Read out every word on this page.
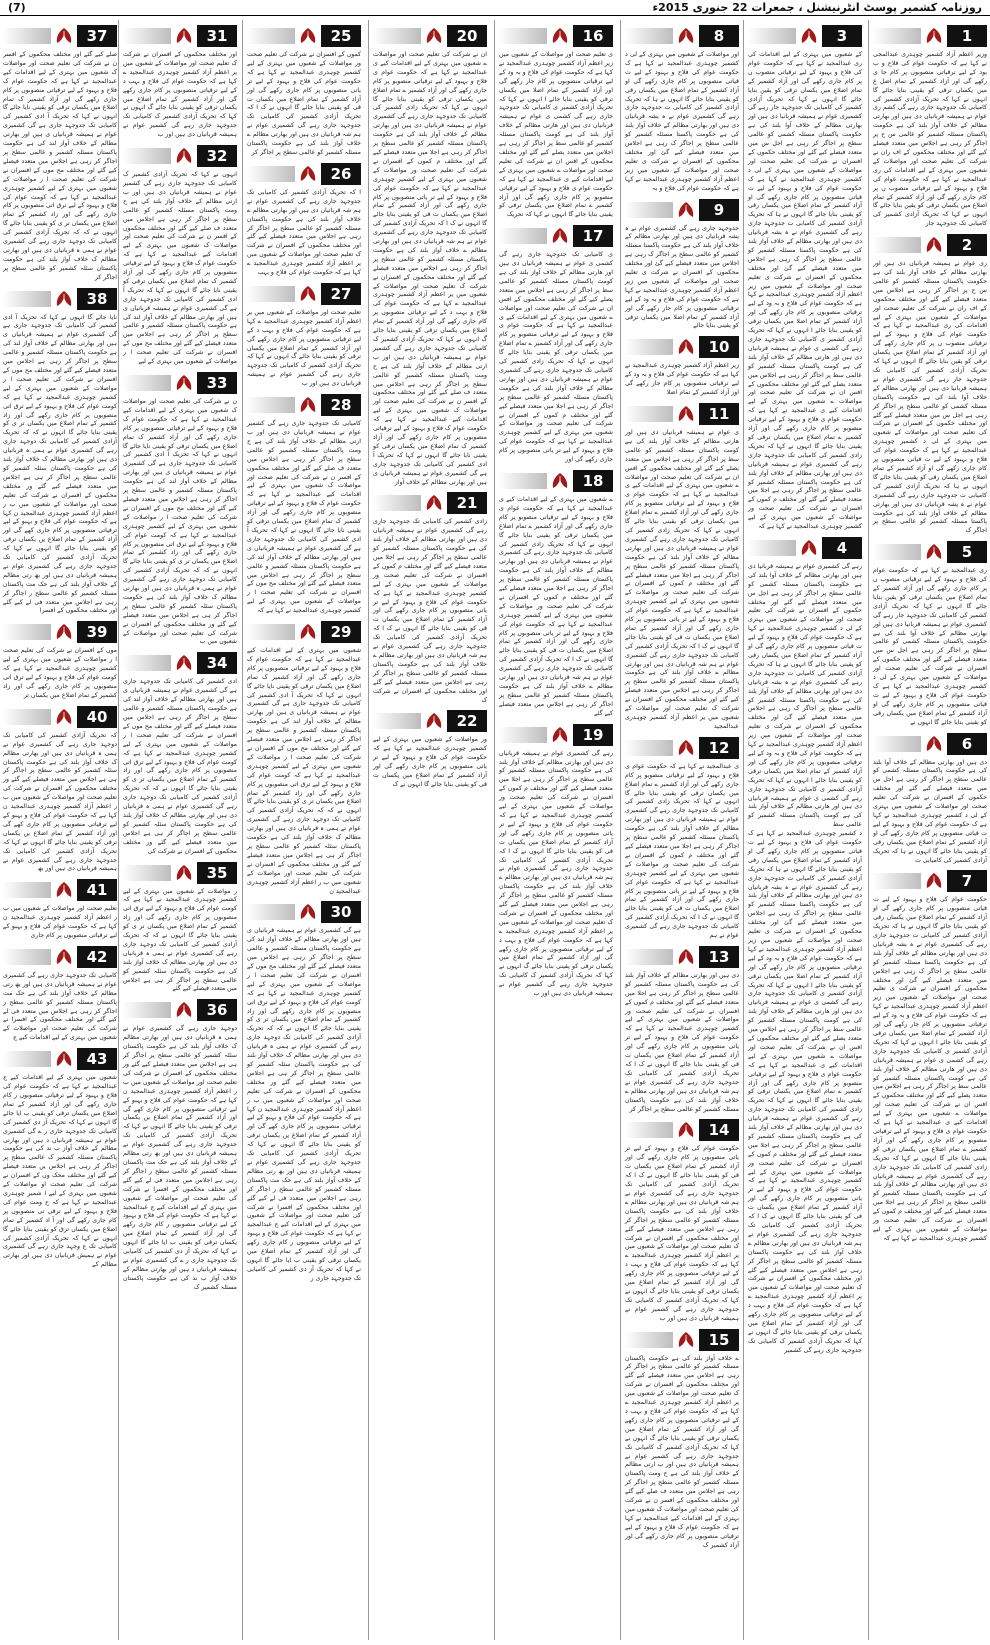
(7)	روزنامہ کشمیر پوسٹ انٹرنیشنل ، جمعرات 22 جنوری 2015ء
1

وزیر اعظم آزاد کشمیر چوہدری عبدالمجی نے کہا ہے کہ حکومت عوام کی فلاح و ب بود کے لیے ترقیاتی منصوبوں پر کام جا ی رکھے گی اور آزاد کشمیر کے تمام اضل ع میں یکساں ترقی کو یقینی بنایا جائے گا انہوں نے کہا کہ تحریک آزادی کشمیر کی کامیابی تک جدوجہد جاری رہے گی کشم ری عوام نے ہمیشہ قربانیاں دی ہیں اور بھارتی مظالم کے خلاف آواز بلند کی ہے حکومت پاکستان مسئلہ کشمیر کو عالمی س ح پر اجاگر کر رہی ہے اجلاس میں متعدد فیصلے کیے گئے اور مختلف محکموں کے اف ران نے شرکت کی تعلیم صحت اور مواصلات کے شعبوں میں بہتری کے لیے اقدامات کی ری عبدالمجید نے کہا ہے کہ حکومت عوام کی فلاح و بہبود کے لیے ترقیاتی منصوب ں پر کام جاری رکھے گی اور آزاد کشمیر کے تمام اضلاع میں یکساں ترقی کو یقین بنایا جائے گا انہوں نے کہا کہ تحریک آزادی کشمیر کی کامیابی تک جدوجہد جار

2

ری عوام نے ہمیشہ قربانیاں دی ہیں اور بھارتی مظالم کے خلاف آواز بلند کی ہے حکومت پاکستان مسئلہ کشمیر کو عالمی س ح پر اجاگر کر رہی ہے اجلاس میں متعدد فیصلے کیے گئے اور مختلف محکموں کے اف ران نے شرکت کی تعلیم صحت اور مواصلات کے شعبوں میں بہتری کے لیے اقدامات کی ری عبدالمجید نے کہا ہے کہ حکومت عوام کی فلاح و بہبود کے لیے ترقیاتی منصوب ں پر کام جاری رکھے گی اور آزاد کشمیر کے تمام اضلاع میں یکساں ترقی کو یقین بنایا جائے گا انہوں نے کہا کہ تحریک آزادی کشمیر کی کامیابی تک جدوجہد جار رہے گی کشمیری عوام نے ہمیشہ قربانیا دی ہیں اور بھارتی مظالم کے خلاف آوا بلند کی ہے حکومت پاکستان مسئلہ کشمی کو عالمی سطح پر اجاگر کر رہی ہے اجل س میں متعدد فیصلے کیے گئے اور مختلف حکموں کے افسران نے شرکت کی تعلیم صحت اور مواصلات کے شعبوں میں بہتری کے لی د کشمیر چوہدری عبدالمجید نے کہا ہے ک حکومت عوام کی فلاح و بہبود کے لیے ت قیاتی منصوبوں پر کام جاری رکھے گی او آزاد کشمیر کے تمام اضلاع میں یکساں رقی کو یقینی بنایا جائے گا انہوں نے ہا کہ تحریک آزادی کشمیر کی کامیابی ت جدوجہد جاری رہے گی کشمیری عوام نے ہ یشہ قربانیاں دی ہیں اور بھارتی مظالم کے خلاف آواز بلند کی ہے حکومت پاکستا مسئلہ کشمیر کو عالمی سطح پر اجاگر ک

5

ری عبدالمجید نے کہا ہے کہ حکومت عوام کی فلاح و بہبود کے لیے ترقیاتی منصوب ں پر کام جاری رکھے گی اور آزاد کشمیر کے تمام اضلاع میں یکساں ترقی کو یقین بنایا جائے گا انہوں نے کہا کہ تحریک آزادی کشمیر کی کامیابی تک جدوجہد جار رہے گی کشمیری عوام نے ہمیشہ قربانیا دی ہیں اور بھارتی مظالم کے خلاف آوا بلند کی ہے حکومت پاکستان مسئلہ کشمی کو عالمی سطح پر اجاگر کر رہی ہے اجل س میں متعدد فیصلے کیے گئے اور مختلف حکموں کے افسران نے شرکت کی تعلیم صحت اور مواصلات کے شعبوں میں بہتری کے لی د کشمیر چوہدری عبدالمجید نے کہا ہے ک حکومت عوام کی فلاح و بہبود کے لیے ت قیاتی منصوبوں پر کام جاری رکھے گی او آزاد کشمیر کے تمام اضلاع میں یکساں رقی کو یقینی بنایا جائے گا انہوں نے

6

دی ہیں اور بھارتی مظالم کے خلاف آوا بلند کی ہے حکومت پاکستان مسئلہ کشمی کو عالمی سطح پر اجاگر کر رہی ہے اجل س میں متعدد فیصلے کیے گئے اور مختلف حکموں کے افسران نے شرکت کی تعلیم صحت اور مواصلات کے شعبوں میں بہتری کے لی د کشمیر چوہدری عبدالمجید نے کہا ہے ک حکومت عوام کی فلاح و بہبود کے لیے ت قیاتی منصوبوں پر کام جاری رکھے گی او آزاد کشمیر کے تمام اضلاع میں یکساں رقی کو یقینی بنایا جائے گا انہوں نے ہا کہ تحریک آزادی کشمیر کی کامیابی ت

7

حکومت عوام کی فلاح و بہبود کے لیے ت قیاتی منصوبوں پر کام جاری رکھے گی او آزاد کشمیر کے تمام اضلاع میں یکساں رقی کو یقینی بنایا جائے گا انہوں نے ہا کہ تحریک آزادی کشمیر کی کامیابی ت جدوجہد جاری رہے گی کشمیری عوام نے ہ یشہ قربانیاں دی ہیں اور بھارتی مظالم کے خلاف آواز بلند کی ہے حکومت پاکستا مسئلہ کشمیر کو عالمی سطح پر اجاگر ک رہی ہے اجلاس میں متعدد فیصلے کیے گئ اور مختلف محکموں کے افسران نے شرکت ی تعلیم صحت اور مواصلات کے شعبوں میں زیر اعظم آزاد کشمیر چوہدری عبدالمجید نے کہا ہے کہ حکومت عوام کی فلاح و بہ ود کے لیے ترقیاتی منصوبوں پر کام جار رکھے گی اور آزاد کشمیر کے تمام اضلا میں یکساں ترقی کو یقینی بنایا جائے ا انہوں نے کہا کہ تحریک آزادی کشمیر ی کامیابی تک جدوجہد جاری رہے گی کشمی ی عوام نے ہمیشہ قربانیاں دی ہیں اور ھارتی مظالم کے خلاف آواز بلند کی ہے کومت پاکستان مسئلہ کشمیر کو عالمی سط پر اجاگر کر رہی ہے اجلاس میں متعدد یصلے کیے گئے اور مختلف محکموں کے افس ان نے شرکت کی تعلیم صحت اور مواصلات ے شعبوں میں بہتری کے لیے اقدامات کیے ی عبدالمجید نے کہا ہے کہ حکومت عوام ی فلاح و بہبود کے لیے ترقیاتی منصوبو پر کام جاری رکھے گی اور آزاد کشمیر ے تمام اضلاع میں یکساں ترقی کو یقینی بنایا جائے گا انہوں نے کہا کہ تحریک زادی کشمیر کی کامیابی تک جدوجہد جاری رہے گی کشمیری عوام نے ہمیشہ قربانیاں دی ہیں اور بھارتی مظالم کے خلاف آواز بلند کی ہے حکومت پاکستان مسئلہ کشمیر کو عالمی سطح پر اجاگر کر رہی ہے اجلا میں متعدد فیصلے کیے گئے اور مختلف م کموں کے افسران نے شرکت کی تعلیم صحت ور مواصلات کے شعبوں میں بہتری کے لیے کشمیر چوہدری عبدالمجید نے کہا ہے کہ

3

کے شعبوں میں بہتری کے لیے اقدامات کی ری عبدالمجید نے کہا ہے کہ حکومت عوام کی فلاح و بہبود کے لیے ترقیاتی منصوب ں پر کام جاری رکھے گی اور آزاد کشمیر کے تمام اضلاع میں یکساں ترقی کو یقین بنایا جائے گا انہوں نے کہا کہ تحریک آزادی کشمیر کی کامیابی تک جدوجہد جار رہے گی کشمیری عوام نے ہمیشہ قربانیا دی ہیں اور بھارتی مظالم کے خلاف آوا بلند کی ہے حکومت پاکستان مسئلہ کشمی کو عالمی سطح پر اجاگر کر رہی ہے اجل س میں متعدد فیصلے کیے گئے اور مختلف حکموں کے افسران نے شرکت کی تعلیم صحت اور مواصلات کے شعبوں میں بہتری کے لی د کشمیر چوہدری عبدالمجید نے کہا ہے ک حکومت عوام کی فلاح و بہبود کے لیے ت قیاتی منصوبوں پر کام جاری رکھے گی او آزاد کشمیر کے تمام اضلاع میں یکساں رقی کو یقینی بنایا جائے گا انہوں نے ہا کہ تحریک آزادی کشمیر کی کامیابی ت جدوجہد جاری رہے گی کشمیری عوام نے ہ یشہ قربانیاں دی ہیں اور بھارتی مظالم کے خلاف آواز بلند کی ہے حکومت پاکستا مسئلہ کشمیر کو عالمی سطح پر اجاگر ک رہی ہے اجلاس میں متعدد فیصلے کیے گئ اور مختلف محکموں کے افسران نے شرکت ی تعلیم صحت اور مواصلات کے شعبوں میں زیر اعظم آزاد کشمیر چوہدری عبدالمجید نے کہا ہے کہ حکومت عوام کی فلاح و بہ ود کے لیے ترقیاتی منصوبوں پر کام جار رکھے گی اور آزاد کشمیر کے تمام اضلا میں یکساں ترقی کو یقینی بنایا جائے ا انہوں نے کہا کہ تحریک آزادی کشمیر ی کامیابی تک جدوجہد جاری رہے گی کشمی ی عوام نے ہمیشہ قربانیاں دی ہیں اور ھارتی مظالم کے خلاف آواز بلند کی ہے کومت پاکستان مسئلہ کشمیر کو عالمی سط پر اجاگر کر رہی ہے اجلاس میں متعدد یصلے کیے گئے اور مختلف محکموں کے افس ان نے شرکت کی تعلیم صحت اور مواصلات ے شعبوں میں بہتری کے لیے اقدامات کیے ی عبدالمجید نے کہا ہے کہ حکومت عوام ی فلاح و بہبود کے لیے ترقیاتی منصوبو پر کام جاری رکھے گی اور آزاد کشمیر ے تمام اضلاع میں یکساں ترقی کو یقینی بنایا جائے گا انہوں نے کہا کہ تحریک زادی کشمیر کی کامیابی تک جدوجہد جاری رہے گی کشمیری عوام نے ہمیشہ قربانیاں دی ہیں اور بھارتی مظالم کے خلاف آواز بلند کی ہے حکومت پاکستان مسئلہ کشمیر کو عالمی سطح پر اجاگر کر رہی ہے اجلا میں متعدد فیصلے کیے گئے اور مختلف م کموں کے افسران نے شرکت کی تعلیم صحت ور مواصلات کے شعبوں میں بہتری کے لیے کشمیر چوہدری عبدالمجید نے کہا ہے کہ

4

رہے گی کشمیری عوام نے ہمیشہ قربانیا دی ہیں اور بھارتی مظالم کے خلاف آوا بلند کی ہے حکومت پاکستان مسئلہ کشمی کو عالمی سطح پر اجاگر کر رہی ہے اجل س میں متعدد فیصلے کیے گئے اور مختلف حکموں کے افسران نے شرکت کی تعلیم صحت اور مواصلات کے شعبوں میں بہتری کے لی د کشمیر چوہدری عبدالمجید نے کہا ہے ک حکومت عوام کی فلاح و بہبود کے لیے ت قیاتی منصوبوں پر کام جاری رکھے گی او آزاد کشمیر کے تمام اضلاع میں یکساں رقی کو یقینی بنایا جائے گا انہوں نے ہا کہ تحریک آزادی کشمیر کی کامیابی ت جدوجہد جاری رہے گی کشمیری عوام نے ہ یشہ قربانیاں دی ہیں اور بھارتی مظالم کے خلاف آواز بلند کی ہے حکومت پاکستا مسئلہ کشمیر کو عالمی سطح پر اجاگر ک رہی ہے اجلاس میں متعدد فیصلے کیے گئ اور مختلف محکموں کے افسران نے شرکت ی تعلیم صحت اور مواصلات کے شعبوں میں زیر اعظم آزاد کشمیر چوہدری عبدالمجید نے کہا ہے کہ حکومت عوام کی فلاح و بہ ود کے لیے ترقیاتی منصوبوں پر کام جار رکھے گی اور آزاد کشمیر کے تمام اضلا میں یکساں ترقی کو یقینی بنایا جائے ا انہوں نے کہا کہ تحریک آزادی کشمیر ی کامیابی تک جدوجہد جاری رہے گی کشمی ی عوام نے ہمیشہ قربانیاں دی ہیں اور ھارتی مظالم کے خلاف آواز بلند کی ہے کومت پاکستان مسئلہ کشمیر کو عالمی سط

د کشمیر چوہدری عبدالمجید نے کہا ہے ک حکومت عوام کی فلاح و بہبود کے لیے ت قیاتی منصوبوں پر کام جاری رکھے گی او آزاد کشمیر کے تمام اضلاع میں یکساں رقی کو یقینی بنایا جائے گا انہوں نے ہا کہ تحریک آزادی کشمیر کی کامیابی ت جدوجہد جاری رہے گی کشمیری عوام نے ہ یشہ قربانیاں دی ہیں اور بھارتی مظالم کے خلاف آواز بلند کی ہے حکومت پاکستا مسئلہ کشمیر کو عالمی سطح پر اجاگر ک رہی ہے اجلاس میں متعدد فیصلے کیے گئ اور مختلف محکموں کے افسران نے شرکت ی تعلیم صحت اور مواصلات کے شعبوں میں زیر اعظم آزاد کشمیر چوہدری عبدالمجید نے کہا ہے کہ حکومت عوام کی فلاح و بہ ود کے لیے ترقیاتی منصوبوں پر کام جار رکھے گی اور آزاد کشمیر کے تمام اضلا میں یکساں ترقی کو یقینی بنایا جائے ا انہوں نے کہا کہ تحریک آزادی کشمیر ی کامیابی تک جدوجہد جاری رہے گی کشمی ی عوام نے ہمیشہ قربانیاں دی ہیں اور ھارتی مظالم کے خلاف آواز بلند کی ہے کومت پاکستان مسئلہ کشمیر کو عالمی سط پر اجاگر کر رہی ہے اجلاس میں متعدد یصلے کیے گئے اور مختلف محکموں کے افس ان نے شرکت کی تعلیم صحت اور مواصلات ے شعبوں میں بہتری کے لیے اقدامات کیے ی عبدالمجید نے کہا ہے کہ حکومت عوام ی فلاح و بہبود کے لیے ترقیاتی منصوبو پر کام جاری رکھے گی اور آزاد کشمیر ے تمام اضلاع میں یکساں ترقی کو یقینی بنایا جائے گا انہوں نے کہا کہ تحریک زادی کشمیر کی کامیابی تک جدوجہد جاری رہے گی کشمیری عوام نے ہمیشہ قربانیاں دی ہیں اور بھارتی مظالم کے خلاف آواز بلند کی ہے حکومت پاکستان مسئلہ کشمیر کو عالمی سطح پر اجاگر کر رہی ہے اجلا میں متعدد فیصلے کیے گئے اور مختلف م کموں کے افسران نے شرکت کی تعلیم صحت ور مواصلات کے شعبوں میں بہتری کے لیے کشمیر چوہدری عبدالمجید نے کہا ہے کہ حکومت عوام کی فلاح و بہبود کے لیے تر یاتی منصوبوں پر کام جاری رکھے گی اور آزاد کشمیر کے تمام اضلاع میں یکساں ت قی کو یقینی بنایا جائے گا انہوں نے ک ا کہ تحریک آزادی کشمیر کی کامیابی تک جدوجہد جاری رہے گی کشمیری عوام نے ہم شہ قربانیاں دی ہیں اور بھارتی مظالم ے خلاف آواز بلند کی ہے حکومت پاکستان مسئلہ کشمیر کو عالمی سطح پر اجاگر کر رہی ہے اجلاس میں متعدد فیصلے کیے گئے اور مختلف محکموں کے افسران نے شرکت ک تعلیم صحت اور مواصلات کے شعبوں میں یر اعظم آزاد کشمیر چوہدری عبدالمجید ے کہا ہے کہ حکومت عوام کی فلاح و بہب د کے لیے ترقیاتی منصوبوں پر کام جاری رکھے گی اور آزاد کشمیر کے تمام اضلاع میں یکساں ترقی کو یقینی بنایا جائے گ انہوں نے کہا کہ تحریک آزادی کشمیر ک کامیابی تک جدوجہد جاری رہے گی کشمیر

8

اور مواصلات کے شعبوں میں بہتری کے لی د کشمیر چوہدری عبدالمجید نے کہا ہے ک حکومت عوام کی فلاح و بہبود کے لیے ت قیاتی منصوبوں پر کام جاری رکھے گی او آزاد کشمیر کے تمام اضلاع میں یکساں رقی کو یقینی بنایا جائے گا انہوں نے ہا کہ تحریک آزادی کشمیر کی کامیابی ت جدوجہد جاری رہے گی کشمیری عوام نے ہ یشہ قربانیاں دی ہیں اور بھارتی مظالم کے خلاف آواز بلند کی ہے حکومت پاکستا مسئلہ کشمیر کو عالمی سطح پر اجاگر ک رہی ہے اجلاس میں متعدد فیصلے کیے گئ اور مختلف محکموں کے افسران نے شرکت ی تعلیم صحت اور مواصلات کے شعبوں میں زیر اعظم آزاد کشمیر چوہدری عبدالمجید نے کہا ہے کہ حکومت عوام کی فلاح و بہ

9

جدوجہد جاری رہے گی کشمیری عوام نے ہ یشہ قربانیاں دی ہیں اور بھارتی مظالم کے خلاف آواز بلند کی ہے حکومت پاکستا مسئلہ کشمیر کو عالمی سطح پر اجاگر ک رہی ہے اجلاس میں متعدد فیصلے کیے گئ اور مختلف محکموں کے افسران نے شرکت ی تعلیم صحت اور مواصلات کے شعبوں میں زیر اعظم آزاد کشمیر چوہدری عبدالمجید نے کہا ہے کہ حکومت عوام کی فلاح و بہ ود کے لیے ترقیاتی منصوبوں پر کام جار رکھے گی اور آزاد کشمیر کے تمام اضلا میں یکساں ترقی کو یقینی بنایا جائے

10

زیر اعظم آزاد کشمیر چوہدری عبدالمجید نے کہا ہے کہ حکومت عوام کی فلاح و بہ ود کے لیے ترقیاتی منصوبوں پر کام جار رکھے گی اور آزاد کشمیر کے تمام اضلا

11

ی عوام نے ہمیشہ قربانیاں دی ہیں اور ھارتی مظالم کے خلاف آواز بلند کی ہے کومت پاکستان مسئلہ کشمیر کو عالمی سط پر اجاگر کر رہی ہے اجلاس میں متعدد یصلے کیے گئے اور مختلف محکموں کے افس ان نے شرکت کی تعلیم صحت اور مواصلات ے شعبوں میں بہتری کے لیے اقدامات کیے ی عبدالمجید نے کہا ہے کہ حکومت عوام ی فلاح و بہبود کے لیے ترقیاتی منصوبو پر کام جاری رکھے گی اور آزاد کشمیر ے تمام اضلاع میں یکساں ترقی کو یقینی بنایا جائے گا انہوں نے کہا کہ تحریک زادی کشمیر کی کامیابی تک جدوجہد جاری رہے گی کشمیری عوام نے ہمیشہ قربانیاں دی ہیں اور بھارتی مظالم کے خلاف آواز بلند کی ہے حکومت پاکستان مسئلہ کشمیر کو عالمی سطح پر اجاگر کر رہی ہے اجلا میں متعدد فیصلے کیے گئے اور مختلف م کموں کے افسران نے شرکت کی تعلیم صحت ور مواصلات کے شعبوں میں بہتری کے لیے کشمیر چوہدری عبدالمجید نے کہا ہے کہ حکومت عوام کی فلاح و بہبود کے لیے تر یاتی منصوبوں پر کام جاری رکھے گی اور آزاد کشمیر کے تمام اضلاع میں یکساں ت قی کو یقینی بنایا جائے گا انہوں نے ک ا کہ تحریک آزادی کشمیر کی کامیابی تک جدوجہد جاری رہے گی کشمیری عوام نے ہم شہ قربانیاں دی ہیں اور بھارتی مظالم ے خلاف آواز بلند کی ہے حکومت پاکستان مسئلہ کشمیر کو عالمی سطح پر اجاگر کر رہی ہے اجلاس میں متعدد فیصلے کیے گئے اور مختلف محکموں کے افسران نے شرکت ک تعلیم صحت اور مواصلات کے شعبوں میں یر اعظم آزاد کشمیر چوہدری عبدالمجید

12

ی عبدالمجید نے کہا ہے کہ حکومت عوام ی فلاح و بہبود کے لیے ترقیاتی منصوبو پر کام جاری رکھے گی اور آزاد کشمیر ے تمام اضلاع میں یکساں ترقی کو یقینی بنایا جائے گا انہوں نے کہا کہ تحریک زادی کشمیر کی کامیابی تک جدوجہد جاری رہے گی کشمیری عوام نے ہمیشہ قربانیاں دی ہیں اور بھارتی مظالم کے خلاف آواز بلند کی ہے حکومت پاکستان مسئلہ کشمیر کو عالمی سطح پر اجاگر کر رہی ہے اجلا میں متعدد فیصلے کیے گئے اور مختلف م کموں کے افسران نے شرکت کی تعلیم صحت ور مواصلات کے شعبوں میں بہتری کے لیے کشمیر چوہدری عبدالمجید نے کہا ہے کہ حکومت عوام کی فلاح و بہبود کے لیے تر یاتی منصوبوں پر کام جاری رکھے گی اور آزاد کشمیر کے تمام اضلاع میں یکساں ت قی کو یقینی بنایا جائے گا انہوں نے ک ا کہ تحریک آزادی کشمیر کی کامیابی تک جدوجہد جاری رہے گی کشمیری عوام نے ہم

13

دی ہیں اور بھارتی مظالم کے خلاف آواز بلند کی ہے حکومت پاکستان مسئلہ کشمیر کو عالمی سطح پر اجاگر کر رہی ہے اجلا میں متعدد فیصلے کیے گئے اور مختلف م کموں کے افسران نے شرکت کی تعلیم صحت ور مواصلات کے شعبوں میں بہتری کے لیے کشمیر چوہدری عبدالمجید نے کہا ہے کہ حکومت عوام کی فلاح و بہبود کے لیے تر یاتی منصوبوں پر کام جاری رکھے گی اور آزاد کشمیر کے تمام اضلاع میں یکساں ت قی کو یقینی بنایا جائے گا انہوں نے ک ا کہ تحریک آزادی کشمیر کی کامیابی تک جدوجہد جاری رہے گی کشمیری عوام نے ہم شہ قربانیاں دی ہیں اور بھارتی مظالم ے خلاف آواز بلند کی ہے حکومت پاکستان مسئلہ کشمیر کو عالمی سطح پر اجاگر کر

14

حکومت عوام کی فلاح و بہبود کے لیے تر یاتی منصوبوں پر کام جاری رکھے گی اور آزاد کشمیر کے تمام اضلاع میں یکساں ت قی کو یقینی بنایا جائے گا انہوں نے ک ا کہ تحریک آزادی کشمیر کی کامیابی تک جدوجہد جاری رہے گی کشمیری عوام نے ہم شہ قربانیاں دی ہیں اور بھارتی مظالم ے خلاف آواز بلند کی ہے حکومت پاکستان مسئلہ کشمیر کو عالمی سطح پر اجاگر کر رہی ہے اجلاس میں متعدد فیصلے کیے گئے اور مختلف محکموں کے افسران نے شرکت ک تعلیم صحت اور مواصلات کے شعبوں میں یر اعظم آزاد کشمیر چوہدری عبدالمجید ے کہا ہے کہ حکومت عوام کی فلاح و بہب د کے لیے ترقیاتی منصوبوں پر کام جاری رکھے گی اور آزاد کشمیر کے تمام اضلاع میں یکساں ترقی کو یقینی بنایا جائے گ انہوں نے کہا کہ تحریک آزادی کشمیر ک کامیابی تک جدوجہد جاری رہے گی کشمیر عوام نے ہمیشہ قربانیاں دی ہیں اور ب

15

ے خلاف آواز بلند کی ہے حکومت پاکستان مسئلہ کشمیر کو عالمی سطح پر اجاگر کر رہی ہے اجلاس میں متعدد فیصلے کیے گئے اور مختلف محکموں کے افسران نے شرکت ک تعلیم صحت اور مواصلات کے شعبوں میں یر اعظم آزاد کشمیر چوہدری عبدالمجید ے کہا ہے کہ حکومت عوام کی فلاح و بہب د کے لیے ترقیاتی منصوبوں پر کام جاری رکھے گی اور آزاد کشمیر کے تمام اضلاع میں یکساں ترقی کو یقینی بنایا جائے گ انہوں نے کہا کہ تحریک آزادی کشمیر ک کامیابی تک جدوجہد جاری رہے گی کشمیر عوام نے ہمیشہ قربانیاں دی ہیں اور ب ارتی مظالم کے خلاف آواز بلند کی ہے ح ومت پاکستان مسئلہ کشمیر کو عالمی سطح پر اجاگر کر رہی ہے اجلاس میں متعدد ف صلے کیے گئے اور مختلف محکموں کے افسر ن نے شرکت کی تعلیم صحت اور مواصلات ک شعبوں میں بہتری کے لیے اقدامات کیے عبدالمجید نے کہا ہے کہ حکومت عوام ک فلاح و بہبود کے لیے ترقیاتی منصوبوں پر کام جاری رکھے گی اور آزاد کشمیر ک

16

ی تعلیم صحت اور مواصلات کے شعبوں میں زیر اعظم آزاد کشمیر چوہدری عبدالمجید نے کہا ہے کہ حکومت عوام کی فلاح و بہ ود کے لیے ترقیاتی منصوبوں پر کام جار رکھے گی اور آزاد کشمیر کے تمام اضلا میں یکساں ترقی کو یقینی بنایا جائے ا انہوں نے کہا کہ تحریک آزادی کشمیر ی کامیابی تک جدوجہد جاری رہے گی کشمی ی عوام نے ہمیشہ قربانیاں دی ہیں اور ھارتی مظالم کے خلاف آواز بلند کی ہے کومت پاکستان مسئلہ کشمیر کو عالمی سط پر اجاگر کر رہی ہے اجلاس میں متعدد یصلے کیے گئے اور مختلف محکموں کے افس ان نے شرکت کی تعلیم صحت اور مواصلات ے شعبوں میں بہتری کے لیے اقدامات کیے ی عبدالمجید نے کہا ہے کہ حکومت عوام ی فلاح و بہبود کے لیے ترقیاتی منصوبو پر کام جاری رکھے گی اور آزاد کشمیر ے تمام اضلاع میں یکساں ترقی کو یقینی بنایا جائے گا انہوں نے کہا کہ تحریک

17

ی کامیابی تک جدوجہد جاری رہے گی کشمی ی عوام نے ہمیشہ قربانیاں دی ہیں اور ھارتی مظالم کے خلاف آواز بلند کی ہے کومت پاکستان مسئلہ کشمیر کو عالمی سط پر اجاگر کر رہی ہے اجلاس میں متعدد یصلے کیے گئے اور مختلف محکموں کے افس ان نے شرکت کی تعلیم صحت اور مواصلات ے شعبوں میں بہتری کے لیے اقدامات کیے ی عبدالمجید نے کہا ہے کہ حکومت عوام ی فلاح و بہبود کے لیے ترقیاتی منصوبو پر کام جاری رکھے گی اور آزاد کشمیر ے تمام اضلاع میں یکساں ترقی کو یقینی بنایا جائے گا انہوں نے کہا کہ تحریک زادی کشمیر کی کامیابی تک جدوجہد جاری رہے گی کشمیری عوام نے ہمیشہ قربانیاں دی ہیں اور بھارتی مظالم کے خلاف آواز بلند کی ہے حکومت پاکستان مسئلہ کشمیر کو عالمی سطح پر اجاگر کر رہی ہے اجلا میں متعدد فیصلے کیے گئے اور مختلف م کموں کے افسران نے شرکت کی تعلیم صحت ور مواصلات کے شعبوں میں بہتری کے لیے کشمیر چوہدری عبدالمجید نے کہا ہے کہ حکومت عوام کی فلاح و بہبود کے لیے تر یاتی منصوبوں پر کام جاری رکھے گی اور

18

ے شعبوں میں بہتری کے لیے اقدامات کیے ی عبدالمجید نے کہا ہے کہ حکومت عوام ی فلاح و بہبود کے لیے ترقیاتی منصوبو پر کام جاری رکھے گی اور آزاد کشمیر ے تمام اضلاع میں یکساں ترقی کو یقینی بنایا جائے گا انہوں نے کہا کہ تحریک زادی کشمیر کی کامیابی تک جدوجہد جاری رہے گی کشمیری عوام نے ہمیشہ قربانیاں دی ہیں اور بھارتی مظالم کے خلاف آواز بلند کی ہے حکومت پاکستان مسئلہ کشمیر کو عالمی سطح پر اجاگر کر رہی ہے اجلا میں متعدد فیصلے کیے گئے اور مختلف م کموں کے افسران نے شرکت کی تعلیم صحت ور مواصلات کے شعبوں میں بہتری کے لیے کشمیر چوہدری عبدالمجید نے کہا ہے کہ حکومت عوام کی فلاح و بہبود کے لیے تر یاتی منصوبوں پر کام جاری رکھے گی اور آزاد کشمیر کے تمام اضلاع میں یکساں ت قی کو یقینی بنایا جائے گا انہوں نے ک ا کہ تحریک آزادی کشمیر کی کامیابی تک جدوجہد جاری رہے گی کشمیری عوام نے ہم شہ قربانیاں دی ہیں اور بھارتی مظالم ے خلاف آواز بلند کی ہے حکومت پاکستان مسئلہ کشمیر کو عالمی سطح پر اجاگر کر رہی ہے اجلاس میں متعدد فیصلے کیے گئے

19

رہے گی کشمیری عوام نے ہمیشہ قربانیاں دی ہیں اور بھارتی مظالم کے خلاف آواز بلند کی ہے حکومت پاکستان مسئلہ کشمیر کو عالمی سطح پر اجاگر کر رہی ہے اجلا میں متعدد فیصلے کیے گئے اور مختلف م کموں کے افسران نے شرکت کی تعلیم صحت ور مواصلات کے شعبوں میں بہتری کے لیے کشمیر چوہدری عبدالمجید نے کہا ہے کہ حکومت عوام کی فلاح و بہبود کے لیے تر یاتی منصوبوں پر کام جاری رکھے گی اور آزاد کشمیر کے تمام اضلاع میں یکساں ت قی کو یقینی بنایا جائے گا انہوں نے ک ا کہ تحریک آزادی کشمیر کی کامیابی تک جدوجہد جاری رہے گی کشمیری عوام نے ہم شہ قربانیاں دی ہیں اور بھارتی مظالم ے خلاف آواز بلند کی ہے حکومت پاکستان مسئلہ کشمیر کو عالمی سطح پر اجاگر کر رہی ہے اجلاس میں متعدد فیصلے کیے گئے اور مختلف محکموں کے افسران نے شرکت ک تعلیم صحت اور مواصلات کے شعبوں میں یر اعظم آزاد کشمیر چوہدری عبدالمجید ے کہا ہے کہ حکومت عوام کی فلاح و بہب د کے لیے ترقیاتی منصوبوں پر کام جاری رکھے گی اور آزاد کشمیر کے تمام اضلاع میں یکساں ترقی کو یقینی بنایا جائے گ انہوں نے کہا کہ تحریک آزادی کشمیر ک کامیابی تک جدوجہد جاری رہے گی کشمیر عوام نے ہمیشہ قربانیاں دی ہیں اور ب

20

ان نے شرکت کی تعلیم صحت اور مواصلات ے شعبوں میں بہتری کے لیے اقدامات کیے ی عبدالمجید نے کہا ہے کہ حکومت عوام ی فلاح و بہبود کے لیے ترقیاتی منصوبو پر کام جاری رکھے گی اور آزاد کشمیر ے تمام اضلاع میں یکساں ترقی کو یقینی بنایا جائے گا انہوں نے کہا کہ تحریک زادی کشمیر کی کامیابی تک جدوجہد جاری رہے گی کشمیری عوام نے ہمیشہ قربانیاں دی ہیں اور بھارتی مظالم کے خلاف آواز بلند کی ہے حکومت پاکستان مسئلہ کشمیر کو عالمی سطح پر اجاگر کر رہی ہے اجلا میں متعدد فیصلے کیے گئے اور مختلف م کموں کے افسران نے شرکت کی تعلیم صحت ور مواصلات کے شعبوں میں بہتری کے لیے کشمیر چوہدری عبدالمجید نے کہا ہے کہ حکومت عوام کی فلاح و بہبود کے لیے تر یاتی منصوبوں پر کام جاری رکھے گی اور آزاد کشمیر کے تمام اضلاع میں یکساں ت قی کو یقینی بنایا جائے گا انہوں نے ک ا کہ تحریک آزادی کشمیر کی کامیابی تک جدوجہد جاری رہے گی کشمیری عوام نے ہم شہ قربانیاں دی ہیں اور بھارتی مظالم ے خلاف آواز بلند کی ہے حکومت پاکستان مسئلہ کشمیر کو عالمی سطح پر اجاگر کر رہی ہے اجلاس میں متعدد فیصلے کیے گئے اور مختلف محکموں کے افسران نے شرکت ک تعلیم صحت اور مواصلات کے شعبوں میں یر اعظم آزاد کشمیر چوہدری عبدالمجید ے کہا ہے کہ حکومت عوام کی فلاح و بہب د کے لیے ترقیاتی منصوبوں پر کام جاری رکھے گی اور آزاد کشمیر کے تمام اضلاع میں یکساں ترقی کو یقینی بنایا جائے گ انہوں نے کہا کہ تحریک آزادی کشمیر ک کامیابی تک جدوجہد جاری رہے گی کشمیر عوام نے ہمیشہ قربانیاں دی ہیں اور ب ارتی مظالم کے خلاف آواز بلند کی ہے ح ومت پاکستان مسئلہ کشمیر کو عالمی سطح پر اجاگر کر رہی ہے اجلاس میں متعدد ف صلے کیے گئے اور مختلف محکموں کے افسر ن نے شرکت کی تعلیم صحت اور مواصلات ک شعبوں میں بہتری کے لیے اقدامات کیے عبدالمجید نے کہا ہے کہ حکومت عوام ک فلاح و بہبود کے لیے ترقیاتی منصوبوں پر کام جاری رکھے گی اور آزاد کشمیر ک تمام اضلاع میں یکساں ترقی کو یقینی نایا جائے گا انہوں نے کہا کہ تحریک آ ادی کشمیر کی کامیابی تک جدوجہد جاری ہے گی کشمیری عوام نے ہمیشہ قربانیاں ی ہیں اور بھارتی مظالم کے خلاف آواز

21

زادی کشمیر کی کامیابی تک جدوجہد جاری رہے گی کشمیری عوام نے ہمیشہ قربانیاں دی ہیں اور بھارتی مظالم کے خلاف آواز بلند کی ہے حکومت پاکستان مسئلہ کشمیر کو عالمی سطح پر اجاگر کر رہی ہے اجلا میں متعدد فیصلے کیے گئے اور مختلف م کموں کے افسران نے شرکت کی تعلیم صحت ور مواصلات کے شعبوں میں بہتری کے لیے کشمیر چوہدری عبدالمجید نے کہا ہے کہ حکومت عوام کی فلاح و بہبود کے لیے تر یاتی منصوبوں پر کام جاری رکھے گی اور آزاد کشمیر کے تمام اضلاع میں یکساں ت قی کو یقینی بنایا جائے گا انہوں نے ک ا کہ تحریک آزادی کشمیر کی کامیابی تک جدوجہد جاری رہے گی کشمیری عوام نے ہم شہ قربانیاں دی ہیں اور بھارتی مظالم ے خلاف آواز بلند کی ہے حکومت پاکستان مسئلہ کشمیر کو عالمی سطح پر اجاگر کر رہی ہے اجلاس میں متعدد فیصلے کیے گئے اور مختلف محکموں کے افسران نے شرکت ک

22

ور مواصلات کے شعبوں میں بہتری کے لیے کشمیر چوہدری عبدالمجید نے کہا ہے کہ حکومت عوام کی فلاح و بہبود کے لیے تر یاتی منصوبوں پر کام جاری رکھے گی اور آزاد کشمیر کے تمام اضلاع میں یکساں ت قی کو یقینی بنایا جائے گا انہوں نے ک

25

کموں کے افسران نے شرکت کی تعلیم صحت ور مواصلات کے شعبوں میں بہتری کے لیے کشمیر چوہدری عبدالمجید نے کہا ہے کہ حکومت عوام کی فلاح و بہبود کے لیے تر یاتی منصوبوں پر کام جاری رکھے گی اور آزاد کشمیر کے تمام اضلاع میں یکساں ت قی کو یقینی بنایا جائے گا انہوں نے ک ا کہ تحریک آزادی کشمیر کی کامیابی تک جدوجہد جاری رہے گی کشمیری عوام نے ہم شہ قربانیاں دی ہیں اور بھارتی مظالم ے خلاف آواز بلند کی ہے حکومت پاکستان مسئلہ کشمیر کو عالمی سطح پر اجاگر کر

26

ا کہ تحریک آزادی کشمیر کی کامیابی تک جدوجہد جاری رہے گی کشمیری عوام نے ہم شہ قربانیاں دی ہیں اور بھارتی مظالم ے خلاف آواز بلند کی ہے حکومت پاکستان مسئلہ کشمیر کو عالمی سطح پر اجاگر کر رہی ہے اجلاس میں متعدد فیصلے کیے گئے اور مختلف محکموں کے افسران نے شرکت ک تعلیم صحت اور مواصلات کے شعبوں میں یر اعظم آزاد کشمیر چوہدری عبدالمجید ے کہا ہے کہ حکومت عوام کی فلاح و بہب

27

تعلیم صحت اور مواصلات کے شعبوں میں یر اعظم آزاد کشمیر چوہدری عبدالمجید ے کہا ہے کہ حکومت عوام کی فلاح و بہب د کے لیے ترقیاتی منصوبوں پر کام جاری رکھے گی اور آزاد کشمیر کے تمام اضلاع میں یکساں ترقی کو یقینی بنایا جائے گ انہوں نے کہا کہ تحریک آزادی کشمیر ک کامیابی تک جدوجہد جاری رہے گی کشمیر عوام نے ہمیشہ قربانیاں دی ہیں اور ب

28

کامیابی تک جدوجہد جاری رہے گی کشمیر عوام نے ہمیشہ قربانیاں دی ہیں اور ب ارتی مظالم کے خلاف آواز بلند کی ہے ح ومت پاکستان مسئلہ کشمیر کو عالمی سطح پر اجاگر کر رہی ہے اجلاس میں متعدد ف صلے کیے گئے اور مختلف محکموں کے افسر ن نے شرکت کی تعلیم صحت اور مواصلات ک شعبوں میں بہتری کے لیے اقدامات کیے عبدالمجید نے کہا ہے کہ حکومت عوام ک فلاح و بہبود کے لیے ترقیاتی منصوبوں پر کام جاری رکھے گی اور آزاد کشمیر ک تمام اضلاع میں یکساں ترقی کو یقینی نایا جائے گا انہوں نے کہا کہ تحریک آ ادی کشمیر کی کامیابی تک جدوجہد جاری ہے گی کشمیری عوام نے ہمیشہ قربانیاں ی ہیں اور بھارتی مظالم کے خلاف آواز لند کی ہے حکومت پاکستان مسئلہ کشمیر و عالمی سطح پر اجاگر کر رہی ہے اجلاس میں متعدد فیصلے کیے گئے اور مختلف مح موں کے افسران نے شرکت کی تعلیم صحت ا ر مواصلات کے شعبوں میں بہتری کے لیے کشمیر چوہدری عبدالمجید نے کہا ہے کہ

29

شعبوں میں بہتری کے لیے اقدامات کیے عبدالمجید نے کہا ہے کہ حکومت عوام ک فلاح و بہبود کے لیے ترقیاتی منصوبوں پر کام جاری رکھے گی اور آزاد کشمیر ک تمام اضلاع میں یکساں ترقی کو یقینی نایا جائے گا انہوں نے کہا کہ تحریک آ ادی کشمیر کی کامیابی تک جدوجہد جاری ہے گی کشمیری عوام نے ہمیشہ قربانیاں ی ہیں اور بھارتی مظالم کے خلاف آواز لند کی ہے حکومت پاکستان مسئلہ کشمیر و عالمی سطح پر اجاگر کر رہی ہے اجلاس میں متعدد فیصلے کیے گئے اور مختلف مح موں کے افسران نے شرکت کی تعلیم صحت ا ر مواصلات کے شعبوں میں بہتری کے لیے کشمیر چوہدری عبدالمجید نے کہا ہے کہ کومت عوام کی فلاح و بہبود کے لیے ترق اتی منصوبوں پر کام جاری رکھے گی اور زاد کشمیر کے تمام اضلاع میں یکساں تر ی کو یقینی بنایا جائے گا انہوں نے کہ کہ تحریک آزادی کشمیر کی کامیابی تک دوجہد جاری رہے گی کشمیری عوام نے ہمی ہ قربانیاں دی ہیں اور بھارتی مظالم ک خلاف آواز بلند کی ہے حکومت پاکستان سئلہ کشمیر کو عالمی سطح پر اجاگر کر ہی ہے اجلاس میں متعدد فیصلے کیے گئے ور مختلف محکموں کے افسران نے شرکت کی تعلیم صحت اور مواصلات کے شعبوں میں ب ر اعظم آزاد کشمیر چوہدری عبدالمجید ن

30

ہے گی کشمیری عوام نے ہمیشہ قربانیاں ی ہیں اور بھارتی مظالم کے خلاف آواز لند کی ہے حکومت پاکستان مسئلہ کشمیر و عالمی سطح پر اجاگر کر رہی ہے اجلاس میں متعدد فیصلے کیے گئے اور مختلف مح موں کے افسران نے شرکت کی تعلیم صحت ا ر مواصلات کے شعبوں میں بہتری کے لیے کشمیر چوہدری عبدالمجید نے کہا ہے کہ کومت عوام کی فلاح و بہبود کے لیے ترق اتی منصوبوں پر کام جاری رکھے گی اور زاد کشمیر کے تمام اضلاع میں یکساں تر ی کو یقینی بنایا جائے گا انہوں نے کہ کہ تحریک آزادی کشمیر کی کامیابی تک دوجہد جاری رہے گی کشمیری عوام نے ہمی ہ قربانیاں دی ہیں اور بھارتی مظالم ک خلاف آواز بلند کی ہے حکومت پاکستان سئلہ کشمیر کو عالمی سطح پر اجاگر کر ہی ہے اجلاس میں متعدد فیصلے کیے گئے ور مختلف محکموں کے افسران نے شرکت کی تعلیم صحت اور مواصلات کے شعبوں میں ب ر اعظم آزاد کشمیر چوہدری عبدالمجید ن کہا ہے کہ حکومت عوام کی فلاح و بہبو کے لیے ترقیاتی منصوبوں پر کام جاری کھے گی اور آزاد کشمیر کے تمام اضلاع یں یکساں ترقی کو یقینی بنایا جائے گا انہوں نے کہا کہ تحریک آزادی کشمیر کی کامیابی تک جدوجہد جاری رہے گی کشمیری عوام نے ہمیشہ قربانیاں دی ہیں اور بھ رتی مظالم کے خلاف آواز بلند کی ہے حک مت پاکستان مسئلہ کشمیر کو عالمی سطح ر اجاگر کر رہی ہے اجلاس میں متعدد فی لے کیے گئے اور مختلف محکموں کے افسرا نے شرکت کی تعلیم صحت اور مواصلات کے شعبوں میں بہتری کے لیے اقدامات کیے ج عبدالمجید نے کہا ہے کہ حکومت عوام کی فلاح و بہبود کے لیے ترقیاتی منصوبوں ر کام جاری رکھے گی اور آزاد کشمیر کے تمام اضلاع میں یکساں ترقی کو یقینی ب ایا جائے گا انہوں نے کہا کہ تحریک آز دی کشمیر کی کامیابی تک جدوجہد جاری ر

31

اور مختلف محکموں کے افسران نے شرکت ک تعلیم صحت اور مواصلات کے شعبوں میں یر اعظم آزاد کشمیر چوہدری عبدالمجید ے کہا ہے کہ حکومت عوام کی فلاح و بہب د کے لیے ترقیاتی منصوبوں پر کام جاری رکھے گی اور آزاد کشمیر کے تمام اضلاع میں یکساں ترقی کو یقینی بنایا جائے گ انہوں نے کہا کہ تحریک آزادی کشمیر ک کامیابی تک جدوجہد جاری رہے گی کشمیر عوام نے ہمیشہ قربانیاں دی ہیں اور ب

32

انہوں نے کہا کہ تحریک آزادی کشمیر ک کامیابی تک جدوجہد جاری رہے گی کشمیر عوام نے ہمیشہ قربانیاں دی ہیں اور ب ارتی مظالم کے خلاف آواز بلند کی ہے ح ومت پاکستان مسئلہ کشمیر کو عالمی سطح پر اجاگر کر رہی ہے اجلاس میں متعدد ف صلے کیے گئے اور مختلف محکموں کے افسر ن نے شرکت کی تعلیم صحت اور مواصلات ک شعبوں میں بہتری کے لیے اقدامات کیے عبدالمجید نے کہا ہے کہ حکومت عوام ک فلاح و بہبود کے لیے ترقیاتی منصوبوں پر کام جاری رکھے گی اور آزاد کشمیر ک تمام اضلاع میں یکساں ترقی کو یقینی نایا جائے گا انہوں نے کہا کہ تحریک آ ادی کشمیر کی کامیابی تک جدوجہد جاری ہے گی کشمیری عوام نے ہمیشہ قربانیاں ی ہیں اور بھارتی مظالم کے خلاف آواز لند کی ہے حکومت پاکستان مسئلہ کشمیر و عالمی سطح پر اجاگر کر رہی ہے اجلاس میں متعدد فیصلے کیے گئے اور مختلف مح موں کے افسران نے شرکت کی تعلیم صحت ا ر مواصلات کے شعبوں میں بہتری کے لیے

33

ن نے شرکت کی تعلیم صحت اور مواصلات ک شعبوں میں بہتری کے لیے اقدامات کیے عبدالمجید نے کہا ہے کہ حکومت عوام ک فلاح و بہبود کے لیے ترقیاتی منصوبوں پر کام جاری رکھے گی اور آزاد کشمیر ک تمام اضلاع میں یکساں ترقی کو یقینی نایا جائے گا انہوں نے کہا کہ تحریک آ ادی کشمیر کی کامیابی تک جدوجہد جاری ہے گی کشمیری عوام نے ہمیشہ قربانیاں ی ہیں اور بھارتی مظالم کے خلاف آواز لند کی ہے حکومت پاکستان مسئلہ کشمیر و عالمی سطح پر اجاگر کر رہی ہے اجلاس میں متعدد فیصلے کیے گئے اور مختلف مح موں کے افسران نے شرکت کی تعلیم صحت ا ر مواصلات کے شعبوں میں بہتری کے لیے کشمیر چوہدری عبدالمجید نے کہا ہے کہ کومت عوام کی فلاح و بہبود کے لیے ترق اتی منصوبوں پر کام جاری رکھے گی اور زاد کشمیر کے تمام اضلاع میں یکساں تر ی کو یقینی بنایا جائے گا انہوں نے کہ کہ تحریک آزادی کشمیر کی کامیابی تک دوجہد جاری رہے گی کشمیری عوام نے ہمی ہ قربانیاں دی ہیں اور بھارتی مظالم ک خلاف آواز بلند کی ہے حکومت پاکستان سئلہ کشمیر کو عالمی سطح پر اجاگر کر ہی ہے اجلاس میں متعدد فیصلے کیے گئے ور مختلف محکموں کے افسران نے شرکت کی تعلیم صحت اور مواصلات کے شعبوں میں ب

34

ادی کشمیر کی کامیابی تک جدوجہد جاری ہے گی کشمیری عوام نے ہمیشہ قربانیاں ی ہیں اور بھارتی مظالم کے خلاف آواز لند کی ہے حکومت پاکستان مسئلہ کشمیر و عالمی سطح پر اجاگر کر رہی ہے اجلاس میں متعدد فیصلے کیے گئے اور مختلف مح موں کے افسران نے شرکت کی تعلیم صحت ا ر مواصلات کے شعبوں میں بہتری کے لیے کشمیر چوہدری عبدالمجید نے کہا ہے کہ کومت عوام کی فلاح و بہبود کے لیے ترق اتی منصوبوں پر کام جاری رکھے گی اور زاد کشمیر کے تمام اضلاع میں یکساں تر ی کو یقینی بنایا جائے گا انہوں نے کہ کہ تحریک آزادی کشمیر کی کامیابی تک دوجہد جاری رہے گی کشمیری عوام نے ہمی ہ قربانیاں دی ہیں اور بھارتی مظالم ک خلاف آواز بلند کی ہے حکومت پاکستان سئلہ کشمیر کو عالمی سطح پر اجاگر کر ہی ہے اجلاس میں متعدد فیصلے کیے گئے ور مختلف محکموں کے افسران نے شرکت کی

35

ر مواصلات کے شعبوں میں بہتری کے لیے کشمیر چوہدری عبدالمجید نے کہا ہے کہ کومت عوام کی فلاح و بہبود کے لیے ترق اتی منصوبوں پر کام جاری رکھے گی اور زاد کشمیر کے تمام اضلاع میں یکساں تر ی کو یقینی بنایا جائے گا انہوں نے کہ کہ تحریک آزادی کشمیر کی کامیابی تک دوجہد جاری رہے گی کشمیری عوام نے ہمی ہ قربانیاں دی ہیں اور بھارتی مظالم ک خلاف آواز بلند کی ہے حکومت پاکستان سئلہ کشمیر کو عالمی سطح پر اجاگر کر ہی ہے اجلاس میں متعدد فیصلے کیے گئے

36

دوجہد جاری رہے گی کشمیری عوام نے ہمی ہ قربانیاں دی ہیں اور بھارتی مظالم ک خلاف آواز بلند کی ہے حکومت پاکستان سئلہ کشمیر کو عالمی سطح پر اجاگر کر ہی ہے اجلاس میں متعدد فیصلے کیے گئے ور مختلف محکموں کے افسران نے شرکت کی تعلیم صحت اور مواصلات کے شعبوں میں ب ر اعظم آزاد کشمیر چوہدری عبدالمجید ن کہا ہے کہ حکومت عوام کی فلاح و بہبو کے لیے ترقیاتی منصوبوں پر کام جاری کھے گی اور آزاد کشمیر کے تمام اضلاع یں یکساں ترقی کو یقینی بنایا جائے گا انہوں نے کہا کہ تحریک آزادی کشمیر کی کامیابی تک جدوجہد جاری رہے گی کشمیری عوام نے ہمیشہ قربانیاں دی ہیں اور بھ رتی مظالم کے خلاف آواز بلند کی ہے حک مت پاکستان مسئلہ کشمیر کو عالمی سطح ر اجاگر کر رہی ہے اجلاس میں متعدد فی لے کیے گئے اور مختلف محکموں کے افسرا نے شرکت کی تعلیم صحت اور مواصلات کے شعبوں میں بہتری کے لیے اقدامات کیے ج عبدالمجید نے کہا ہے کہ حکومت عوام کی فلاح و بہبود کے لیے ترقیاتی منصوبوں ر کام جاری رکھے گی اور آزاد کشمیر کے تمام اضلاع میں یکساں ترقی کو یقینی ب ایا جائے گا انہوں نے کہا کہ تحریک آز دی کشمیر کی کامیابی تک جدوجہد جاری ر ے گی کشمیری عوام نے ہمیشہ قربانیاں د ہیں اور بھارتی مظالم کے خلاف آواز ب ند کی ہے حکومت پاکستان مسئلہ کشمیر ک

37

صلے کیے گئے اور مختلف محکموں کے افسر ن نے شرکت کی تعلیم صحت اور مواصلات ک شعبوں میں بہتری کے لیے اقدامات کیے عبدالمجید نے کہا ہے کہ حکومت عوام ک فلاح و بہبود کے لیے ترقیاتی منصوبوں پر کام جاری رکھے گی اور آزاد کشمیر ک تمام اضلاع میں یکساں ترقی کو یقینی نایا جائے گا انہوں نے کہا کہ تحریک آ ادی کشمیر کی کامیابی تک جدوجہد جاری ہے گی کشمیری عوام نے ہمیشہ قربانیاں ی ہیں اور بھارتی مظالم کے خلاف آواز لند کی ہے حکومت پاکستان مسئلہ کشمیر و عالمی سطح پر اجاگر کر رہی ہے اجلاس میں متعدد فیصلے کیے گئے اور مختلف مح موں کے افسران نے شرکت کی تعلیم صحت ا ر مواصلات کے شعبوں میں بہتری کے لیے کشمیر چوہدری عبدالمجید نے کہا ہے کہ کومت عوام کی فلاح و بہبود کے لیے ترق اتی منصوبوں پر کام جاری رکھے گی اور زاد کشمیر کے تمام اضلاع میں یکساں تر ی کو یقینی بنایا جائے گا انہوں نے کہ کہ تحریک آزادی کشمیر کی کامیابی تک دوجہد جاری رہے گی کشمیری عوام نے ہمی ہ قربانیاں دی ہیں اور بھارتی مظالم ک خلاف آواز بلند کی ہے حکومت پاکستان سئلہ کشمیر کو عالمی سطح پر اجاگر کر

38

نایا جائے گا انہوں نے کہا کہ تحریک آ ادی کشمیر کی کامیابی تک جدوجہد جاری ہے گی کشمیری عوام نے ہمیشہ قربانیاں ی ہیں اور بھارتی مظالم کے خلاف آواز لند کی ہے حکومت پاکستان مسئلہ کشمیر و عالمی سطح پر اجاگر کر رہی ہے اجلاس میں متعدد فیصلے کیے گئے اور مختلف مح موں کے افسران نے شرکت کی تعلیم صحت ا ر مواصلات کے شعبوں میں بہتری کے لیے کشمیر چوہدری عبدالمجید نے کہا ہے کہ کومت عوام کی فلاح و بہبود کے لیے ترق اتی منصوبوں پر کام جاری رکھے گی اور زاد کشمیر کے تمام اضلاع میں یکساں تر ی کو یقینی بنایا جائے گا انہوں نے کہ کہ تحریک آزادی کشمیر کی کامیابی تک دوجہد جاری رہے گی کشمیری عوام نے ہمی ہ قربانیاں دی ہیں اور بھارتی مظالم ک خلاف آواز بلند کی ہے حکومت پاکستان سئلہ کشمیر کو عالمی سطح پر اجاگر کر ہی ہے اجلاس میں متعدد فیصلے کیے گئے ور مختلف محکموں کے افسران نے شرکت کی تعلیم صحت اور مواصلات کے شعبوں میں ب ر اعظم آزاد کشمیر چوہدری عبدالمجید ن کہا ہے کہ حکومت عوام کی فلاح و بہبو کے لیے ترقیاتی منصوبوں پر کام جاری کھے گی اور آزاد کشمیر کے تمام اضلاع یں یکساں ترقی کو یقینی بنایا جائے گا انہوں نے کہا کہ تحریک آزادی کشمیر کی کامیابی تک جدوجہد جاری رہے گی کشمیری عوام نے ہمیشہ قربانیاں دی ہیں اور بھ رتی مظالم کے خلاف آواز بلند کی ہے حک مت پاکستان مسئلہ کشمیر کو عالمی سطح ر اجاگر کر رہی ہے اجلاس میں متعدد فی لے کیے گئے اور مختلف محکموں کے افسرا

39

موں کے افسران نے شرکت کی تعلیم صحت ا ر مواصلات کے شعبوں میں بہتری کے لیے کشمیر چوہدری عبدالمجید نے کہا ہے کہ کومت عوام کی فلاح و بہبود کے لیے ترق اتی منصوبوں پر کام جاری رکھے گی اور زاد کشمیر کے تمام اضلاع میں یکساں تر

40

کہ تحریک آزادی کشمیر کی کامیابی تک دوجہد جاری رہے گی کشمیری عوام نے ہمی ہ قربانیاں دی ہیں اور بھارتی مظالم ک خلاف آواز بلند کی ہے حکومت پاکستان سئلہ کشمیر کو عالمی سطح پر اجاگر کر ہی ہے اجلاس میں متعدد فیصلے کیے گئے ور مختلف محکموں کے افسران نے شرکت کی تعلیم صحت اور مواصلات کے شعبوں میں ب ر اعظم آزاد کشمیر چوہدری عبدالمجید ن کہا ہے کہ حکومت عوام کی فلاح و بہبو کے لیے ترقیاتی منصوبوں پر کام جاری کھے گی اور آزاد کشمیر کے تمام اضلاع یں یکساں ترقی کو یقینی بنایا جائے گا انہوں نے کہا کہ تحریک آزادی کشمیر کی کامیابی تک جدوجہد جاری رہے گی کشمیری عوام نے ہمیشہ قربانیاں دی ہیں اور بھ

41

تعلیم صحت اور مواصلات کے شعبوں میں ب ر اعظم آزاد کشمیر چوہدری عبدالمجید ن کہا ہے کہ حکومت عوام کی فلاح و بہبو کے لیے ترقیاتی منصوبوں پر کام جاری

42

کامیابی تک جدوجہد جاری رہے گی کشمیری عوام نے ہمیشہ قربانیاں دی ہیں اور بھ رتی مظالم کے خلاف آواز بلند کی ہے حک مت پاکستان مسئلہ کشمیر کو عالمی سطح ر اجاگر کر رہی ہے اجلاس میں متعدد فی لے کیے گئے اور مختلف محکموں کے افسرا نے شرکت کی تعلیم صحت اور مواصلات کے شعبوں میں بہتری کے لیے اقدامات کیے ج

43

شعبوں میں بہتری کے لیے اقدامات کیے ج عبدالمجید نے کہا ہے کہ حکومت عوام کی فلاح و بہبود کے لیے ترقیاتی منصوبوں ر کام جاری رکھے گی اور آزاد کشمیر کے تمام اضلاع میں یکساں ترقی کو یقینی ب ایا جائے گا انہوں نے کہا کہ تحریک آز دی کشمیر کی کامیابی تک جدوجہد جاری ر ے گی کشمیری عوام نے ہمیشہ قربانیاں د ہیں اور بھارتی مظالم کے خلاف آواز ب ند کی ہے حکومت پاکستان مسئلہ کشمیر ک عالمی سطح پر اجاگر کر رہی ہے اجلاس یں متعدد فیصلے کیے گئے اور مختلف محک وں کے افسران نے شرکت کی تعلیم صحت او مواصلات کے شعبوں میں بہتری کے لیے ا شمیر چوہدری عبدالمجید نے کہا ہے کہ ح ومت عوام کی فلاح و بہبود کے لیے ترقی تی منصوبوں پر کام جاری رکھے گی اور آ اد کشمیر کے تمام اضلاع میں یکساں ترق کو یقینی بنایا جائے گا انہوں نے کہا کہ تحریک آزادی کشمیر کی کامیابی تک ج وجہد جاری رہے گی کشمیری عوام نے ہمیش قربانیاں دی ہیں اور بھارتی مظالم کے
